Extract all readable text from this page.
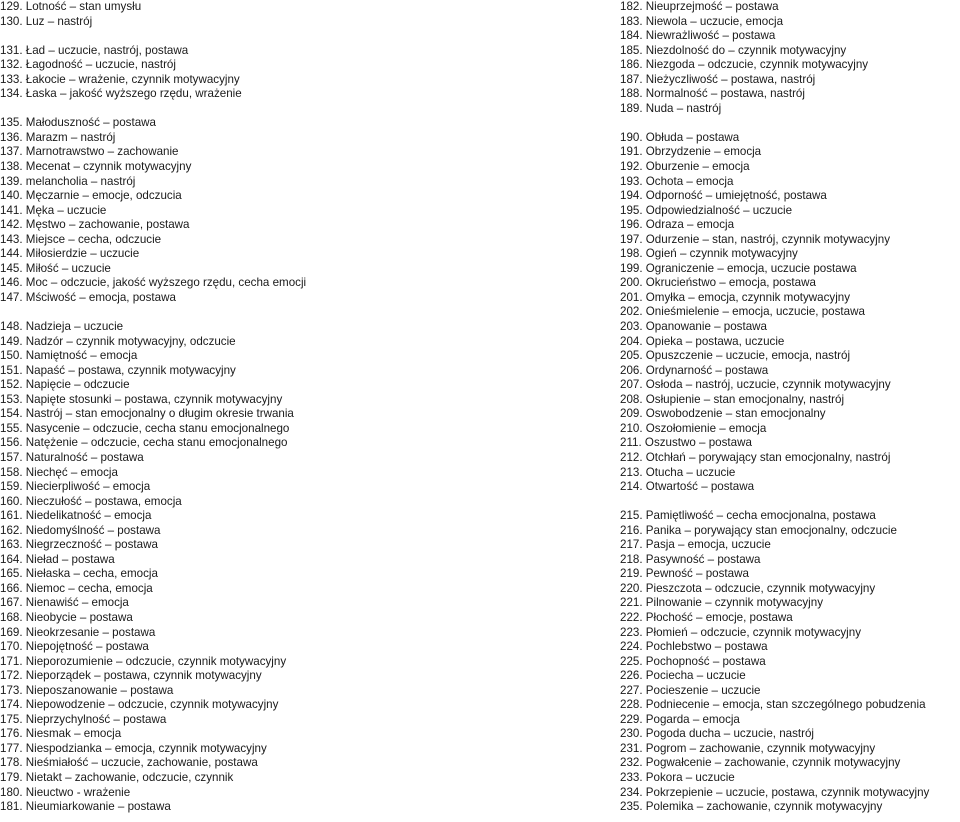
129. Lotność – stan umysłu
130. Luz – nastrój
131. Ład – uczucie, nastrój, postawa
132. Łagodność – uczucie, nastrój
133. Łakocie – wrażenie, czynnik motywacyjny
134. Łaska – jakość wyższego rzędu, wrażenie
135. Małoduszność – postawa
136. Marazm – nastrój
137. Marnotrawstwo – zachowanie
138. Mecenat – czynnik motywacyjny
139. melancholia – nastrój
140. Męczarnie – emocje, odczucia
141. Męka – uczucie
142. Męstwo – zachowanie, postawa
143. Miejsce – cecha, odczucie
144. Miłosierdzie – uczucie
145. Miłość – uczucie
146. Moc – odczucie, jakość wyższego rzędu, cecha emocji
147. Mściwość – emocja, postawa
148. Nadzieja – uczucie
149. Nadzór – czynnik motywacyjny, odczucie
150. Namiętność – emocja
151. Napaść – postawa, czynnik motywacyjny
152. Napięcie – odczucie
153. Napięte stosunki – postawa, czynnik motywacyjny
154. Nastrój – stan emocjonalny o długim okresie trwania
155. Nasycenie – odczucie, cecha stanu emocjonalnego
156. Natężenie – odczucie, cecha stanu emocjonalnego
157. Naturalność – postawa
158. Niechęć – emocja
159. Niecierpliwość – emocja
160. Nieczułość – postawa, emocja
161. Niedelikatność – emocja
162. Niedomyślność – postawa
163. Niegrzeczność – postawa
164. Nieład – postawa
165. Niełaska – cecha, emocja
166. Niemoc – cecha, emocja
167. Nienawiść – emocja
168. Nieobycie – postawa
169. Nieokrzesanie – postawa
170. Niepojętność – postawa
171. Nieporozumienie – odczucie, czynnik motywacyjny
172. Nieporządek – postawa, czynnik motywacyjny
173. Nieposzanowanie – postawa
174. Niepowodzenie – odczucie, czynnik motywacyjny
175. Nieprzychylność – postawa
176. Niesmak – emocja
177. Niespodzianka – emocja, czynnik motywacyjny
178. Nieśmiałość – uczucie, zachowanie, postawa
179. Nietakt – zachowanie, odczucie, czynnik
180. Nieuctwo - wrażenie
181. Nieumiarkowanie – postawa
182. Nieuprzejmość – postawa
183. Niewola – uczucie, emocja
184. Niewrażliwość – postawa
185. Niezdolność do – czynnik motywacyjny
186. Niezgoda – odczucie, czynnik motywacyjny
187. Nieżyczliwość – postawa, nastrój
188. Normalność – postawa, nastrój
189. Nuda – nastrój
190. Obłuda – postawa
191. Obrzydzenie – emocja
192. Oburzenie – emocja
193. Ochota – emocja
194. Odporność – umiejętność, postawa
195. Odpowiedzialność – uczucie
196. Odraza – emocja
197. Odurzenie – stan, nastrój, czynnik motywacyjny
198. Ogień – czynnik motywacyjny
199. Ograniczenie – emocja, uczucie postawa
200. Okrucieństwo – emocja, postawa
201. Omyłka – emocja, czynnik motywacyjny
202. Onieśmielenie – emocja, uczucie, postawa
203. Opanowanie – postawa
204. Opieka – postawa, uczucie
205. Opuszczenie – uczucie, emocja, nastrój
206. Ordynarność – postawa
207. Osłoda – nastrój, uczucie, czynnik motywacyjny
208. Osłupienie – stan emocjonalny, nastrój
209. Oswobodzenie – stan emocjonalny
210. Oszołomienie – emocja
211. Oszustwo – postawa
212. Otchłań – porywający stan emocjonalny, nastrój
213. Otucha – uczucie
214. Otwartość – postawa
215. Pamiętliwość – cecha emocjonalna, postawa
216. Panika – porywający stan emocjonalny, odczucie
217. Pasja – emocja, uczucie
218. Pasywność – postawa
219. Pewność – postawa
220. Pieszczota – odczucie, czynnik motywacyjny
221. Pilnowanie – czynnik motywacyjny
222. Płochość – emocje, postawa
223. Płomień – odczucie, czynnik motywacyjny
224. Pochlebstwo – postawa
225. Pochopność – postawa
226. Pociecha – uczucie
227. Pocieszenie – uczucie
228. Podniecenie – emocja, stan szczególnego pobudzenia
229. Pogarda – emocja
230. Pogoda ducha – uczucie, nastrój
231. Pogrom – zachowanie, czynnik motywacyjny
232. Pogwałcenie – zachowanie, czynnik motywacyjny
233. Pokora – uczucie
234. Pokrzepienie – uczucie, postawa, czynnik motywacyjny
235. Polemika – zachowanie, czynnik motywacyjny
